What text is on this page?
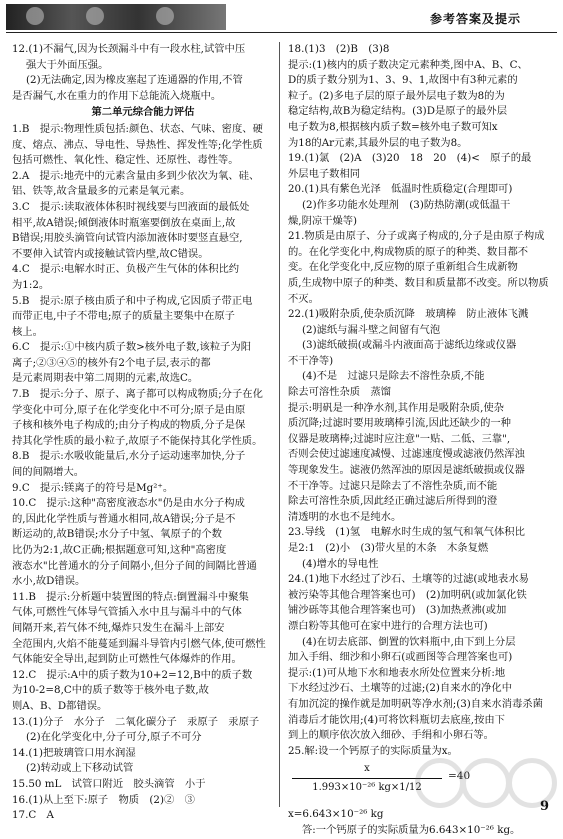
参考答案及提示

12.(1)不漏气,因为长颈漏斗中有一段水柱,试管中压

强大于外面压强。

(2)无法确定,因为橡皮塞起了连通器的作用,不管

是否漏气,水在重力的作用下总能流入烧瓶中。

第二单元综合能力评估

1.B　提示:物理性质包括:颜色、状态、气味、密度、硬

度、熔点、沸点、导电性、导热性、挥发性等;化学性质

包括可燃性、氧化性、稳定性、还原性、毒性等。

2.A　提示:地壳中的元素含量由多到少依次为氧、硅、

铝、铁等,故含量最多的元素是氧元素。

3.C　提示:读取液体体积时视线要与凹液面的最低处

相平,故A错误;倾倒液体时瓶塞要倒放在桌面上,故

B错误;用胶头滴管向试管内添加液体时要竖直悬空,

不要伸入试管内或接触试管内壁,故C错误。

4.C　提示:电解水时正、负极产生气体的体积比约

为1:2。

5.B　提示:原子核由质子和中子构成,它因质子带正电

而带正电,中子不带电;原子的质量主要集中在原子

核上。

6.C　提示:①中核内质子数>核外电子数,该粒子为阳

离子;②③④⑤的核外有2个电子层,表示的都

是元素周期表中第二周期的元素,故选C。

7.B　提示:分子、原子、离子都可以构成物质;分子在化

学变化中可分,原子在化学变化中不可分;原子是由原

子核和核外电子构成的;由分子构成的物质,分子是保

持其化学性质的最小粒子,故原子不能保持其化学性质。

8.B　提示:水吸收能量后,水分子运动速率加快,分子

间的间隔增大。

9.C　提示:镁离子的符号是Mg²⁺。

10.C　提示:这种"高密度液态水"仍是由水分子构成

的,因此化学性质与普通水相同,故A错误;分子是不

断运动的,故B错误;水分子中氢、氧原子的个数

比仍为2:1,故C正确;根据题意可知,这种"高密度

液态水"比普通水的分子间隔小,但分子间的间隔比普通

水小,故D错误。

11.B　提示:分析题中装置图的特点:倒置漏斗中聚集

气体,可燃性气体导气管插入水中且与漏斗中的气体

间隔开来,若气体不纯,爆炸只发生在漏斗上部安

全范围内,火焰不能蔓延到漏斗导管内引燃气体,使可燃性

气体能安全导出,起到防止可燃性气体爆炸的作用。

12.C　提示:A中的质子数为10+2=12,B中的质子数

为10-2=8,C中的质子数等于核外电子数,故

则A、B、D都错误。

13.(1)分子　水分子　二氧化碳分子　汞原子　汞原子

(2)在化学变化中,分子可分,原子不可分

14.(1)把玻璃管口用水润湿

(2)转动或上下移动试管

15.50 mL　试管口附近　胶头滴管　小于

16.(1)从上至下:原子　物质　(2)②　③

17.C　A

18.(1)3　(2)B　(3)8

提示:(1)核内的质子数决定元素种类,图中A、B、C、

D的质子数分别为1、3、9、1,故图中有3种元素的

粒子。(2)多电子层的原子最外层电子数为8的为

稳定结构,故B为稳定结构。(3)D是原子的最外层

电子数为8,根据核内质子数=核外电子数可知x

为18的Ar元素,其最外层的电子数为8。

19.(1)氯　(2)A　(3)20　18　20　(4)<　原子的最

外层电子数相同

20.(1)具有紫色光泽　低温时性质稳定(合理即可)

(2)作多功能水处理剂　(3)防热防潮(或低温干

燥,阴凉干燥等)

21.物质是由原子、分子或离子构成的,分子是由原子构成

的。在化学变化中,构成物质的原子的种类、数目都不

变。在化学变化中,反应物的原子重新组合生成新物

质,生成物中原子的种类、数目和质量都不改变。所以物质

不灭。

22.(1)吸附杂质,使杂质沉降　玻璃棒　防止液体飞溅

(2)滤纸与漏斗壁之间留有气泡

(3)滤纸破损(或漏斗内液面高于滤纸边缘或仪器

不干净等)

(4)不是　过滤只是除去不溶性杂质,不能

除去可溶性杂质　蒸馏

提示:明矾是一种净水剂,其作用是吸附杂质,使杂

质沉降;过滤时要用玻璃棒引流,因此还缺少的一种

仪器是玻璃棒;过滤时应注意"一贴、二低、三靠",

否则会使过滤速度减慢、过滤速度慢或滤液仍然浑浊

等现象发生。滤液仍然浑浊的原因是滤纸破损或仪器

不干净等。过滤只是除去了不溶性杂质,而不能

除去可溶性杂质,因此经正确过滤后所得到的澄

清透明的水也不是纯水。

23.导线　(1)氢　电解水时生成的氢气和氧气体积比

是2:1　(2)小　(3)带火星的木条　木条复燃

(4)增水的导电性

24.(1)地下水经过了沙石、土壤等的过滤(或地表水易

被污染等其他合理答案也可)　(2)加明矾(或加氯化铁

铺沙砾等其他合理答案也可)　(3)加热煮沸(或加

漂白粉等其他可在家中进行的合理方法也可)

(4)在切去底部、倒置的饮料瓶中,由下到上分层

加入手绢、细沙和小卵石(或画图等合理答案也可)

提示:(1)可从地下水和地表水所处位置来分析:地

下水经过沙石、土壤等的过滤;(2)自来水的净化中

有加沉淀的操作就是加明矾等净水剂;(3)自来水消毒杀菌

消毒后才能饮用;(4)可将饮料瓶切去底座,按由下

到上的顺序依次放入细砂、手绢和小卵石等。

25.解:设一个钙原子的实际质量为x。

$\frac{x}{\text{1.993×10⁻²⁶ kg×1/12}} =40$

x=6.643×10⁻²⁶ kg

答:一个钙原子的实际质量为6.643×10⁻²⁶ kg。

9
